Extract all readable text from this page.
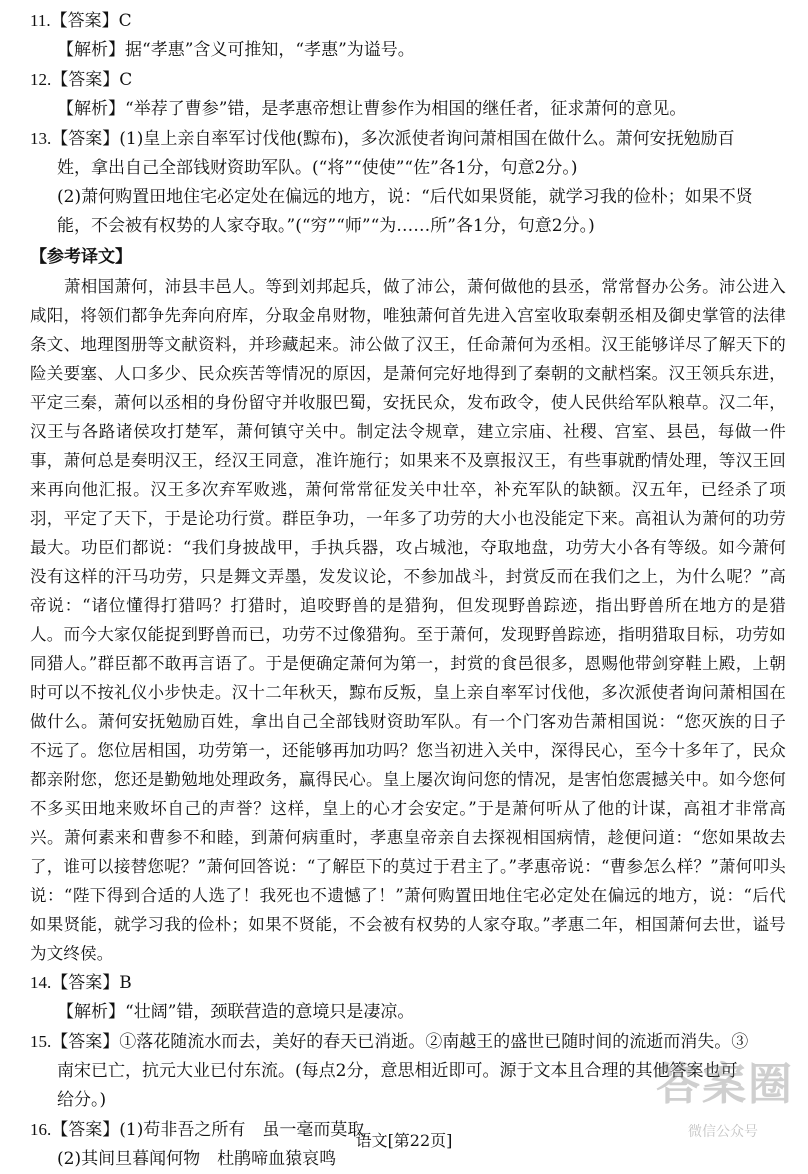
11.【答案】C
【解析】据“孝惠”含义可推知，“孝惠”为谥号。
12.【答案】C
【解析】“举荐了曹参”错，是孝惠帝想让曹参作为相国的继任者，征求萧何的意见。
13.【答案】(1)皇上亲自率军讨伐他(黥布)，多次派使者询问萧相国在做什么。萧何安抚勉励百
姓，拿出自己全部钱财资助军队。(“将”“使使”“佐”各1分，句意2分。)
(2)萧何购置田地住宅必定处在偏远的地方，说：“后代如果贤能，就学习我的俭朴；如果不贤
能，不会被有权势的人家夺取。”(“穷”“师”“为……所”各1分，句意2分。)
【参考译文】
萧相国萧何，沛县丰邑人。等到刘邦起兵，做了沛公，萧何做他的县丞，常常督办公务。沛公进入咸阳，将领们都争先奔向府库，分取金帛财物，唯独萧何首先进入宫室收取秦朝丞相及御史掌管的法律条文、地理图册等文献资料，并珍藏起来。沛公做了汉王，任命萧何为丞相。汉王能够详尽了解天下的险关要塞、人口多少、民众疾苦等情况的原因，是萧何完好地得到了秦朝的文献档案。汉王领兵东进，平定三秦，萧何以丞相的身份留守并收服巴蜀，安抚民众，发布政令，使人民供给军队粮草。汉二年，汉王与各路诸侯攻打楚军，萧何镇守关中。制定法令规章，建立宗庙、社稷、宫室、县邑，每做一件事，萧何总是奏明汉王，经汉王同意，准许施行；如果来不及禀报汉王，有些事就酌情处理，等汉王回来再向他汇报。汉王多次弃军败逃，萧何常常征发关中壮卒，补充军队的缺额。汉五年，已经杀了项羽，平定了天下，于是论功行赏。群臣争功，一年多了功劳的大小也没能定下来。高祖认为萧何的功劳最大。功臣们都说：“我们身披战甲，手执兵器，攻占城池，夺取地盘，功劳大小各有等级。如今萧何没有这样的汗马功劳，只是舞文弄墨，发发议论，不参加战斗，封赏反而在我们之上，为什么呢？”高帝说：“诸位懂得打猎吗？打猎时，追咬野兽的是猎狗，但发现野兽踪迹，指出野兽所在地方的是猎人。而今大家仅能捉到野兽而已，功劳不过像猎狗。至于萧何，发现野兽踪迹，指明猎取目标，功劳如同猎人。”群臣都不敢再言语了。于是便确定萧何为第一，封赏的食邑很多，恩赐他带剑穿鞋上殿，上朝时可以不按礼仪小步快走。汉十二年秋天，黥布反叛，皇上亲自率军讨伐他，多次派使者询问萧相国在做什么。萧何安抚勉励百姓，拿出自己全部钱财资助军队。有一个门客劝告萧相国说：“您灭族的日子不远了。您位居相国，功劳第一，还能够再加功吗？您当初进入关中，深得民心，至今十多年了，民众都亲附您，您还是勤勉地处理政务，赢得民心。皇上屡次询问您的情况，是害怕您震撼关中。如今您何不多买田地来败坏自己的声誉？这样，皇上的心才会安定。”于是萧何听从了他的计谋，高祖才非常高兴。萧何素来和曹参不和睦，到萧何病重时，孝惠皇帝亲自去探视相国病情，趁便问道：“您如果故去了，谁可以接替您呢？”萧何回答说：“了解臣下的莫过于君主了。”孝惠帝说：“曹参怎么样？”萧何叩头说：“陛下得到合适的人选了！我死也不遗憾了！”萧何购置田地住宅必定处在偏远的地方，说：“后代如果贤能，就学习我的俭朴；如果不贤能，不会被有权势的人家夺取。”孝惠二年，相国萧何去世，谥号为文终侯。
14.【答案】B
【解析】“壮阔”错，颈联营造的意境只是凄凉。
15.【答案】①落花随流水而去，美好的春天已消逝。②南越王的盛世已随时间的流逝而消失。③
南宋已亡，抗元大业已付东流。(每点2分，意思相近即可。源于文本且合理的其他答案也可
给分。)
16.【答案】(1)苟非吾之所有　虽一毫而莫取
(2)其间旦暮闻何物　杜鹃啼血猿哀鸣
答案圈
微信公众号
语文[第22页]
